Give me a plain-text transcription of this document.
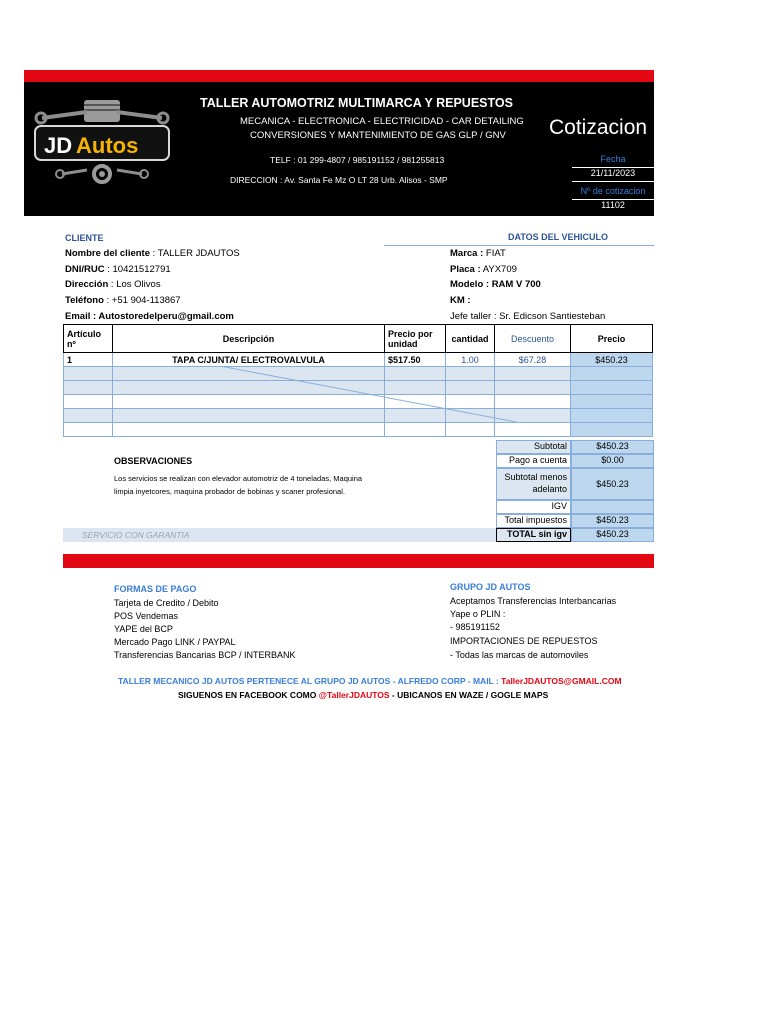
JD Autos
TALLER AUTOMOTRIZ MULTIMARCA Y REPUESTOS
MECANICA - ELECTRONICA - ELECTRICIDAD - CAR DETAILING
CONVERSIONES Y MANTENIMIENTO DE GAS GLP / GNV
TELF : 01 299-4807 / 985191152 / 981255813
DIRECCION : Av. Santa Fe Mz O LT 28 Urb. Alisos - SMP
Cotizacion
Fecha
21/11/2023
Nº de cotizacion
11102
CLIENTE	DATOS DEL VEHICULO
Nombre del cliente : TALLER JDAUTOS
DNI/RUC : 10421512791
Dirección : Los Olivos
Teléfono : +51 904-113867
Email : Autostoredelperu@gmail.com
Marca : FIAT
Placa : AYX709
Modelo : RAM V 700
KM :
Jefe taller : Sr. Edicson Santiesteban
Artículo nº	Descripción	Precio por unidad	cantidad	Descuento	Precio
1	TAPA C/JUNTA/ ELECTROVALVULA	$517.50	1.00	$67.28	$450.23

Subtotal	$450.23
Pago a cuenta	$0.00
Subtotal menos adelanto	$450.23
IGV
Total impuestos	$450.23
TOTAL sin igv	$450.23
OBSERVACIONES
Los servicios se realizan con elevador automotriz de 4 toneladas, Maquina
limpia inyetcores, maquina probador de bobinas y scaner profesional.
SERVICIO CON GARANTIA
FORMAS DE PAGO
Tarjeta de Credito / Debito
POS Vendemas
YAPE del BCP
Mercado Pago LINK / PAYPAL
Transferencias Bancarias BCP / INTERBANK
GRUPO JD AUTOS
Aceptamos Transferencias Interbancarias
Yape o PLIN :
- 985191152
IMPORTACIONES DE REPUESTOS
- Todas las marcas de automoviles
TALLER MECANICO JD AUTOS PERTENECE AL GRUPO JD AUTOS - ALFREDO CORP - MAIL : TallerJDAUTOS@GMAIL.COM
SIGUENOS EN FACEBOOK COMO @TallerJDAUTOS - UBICANOS EN WAZE / GOGLE MAPS
